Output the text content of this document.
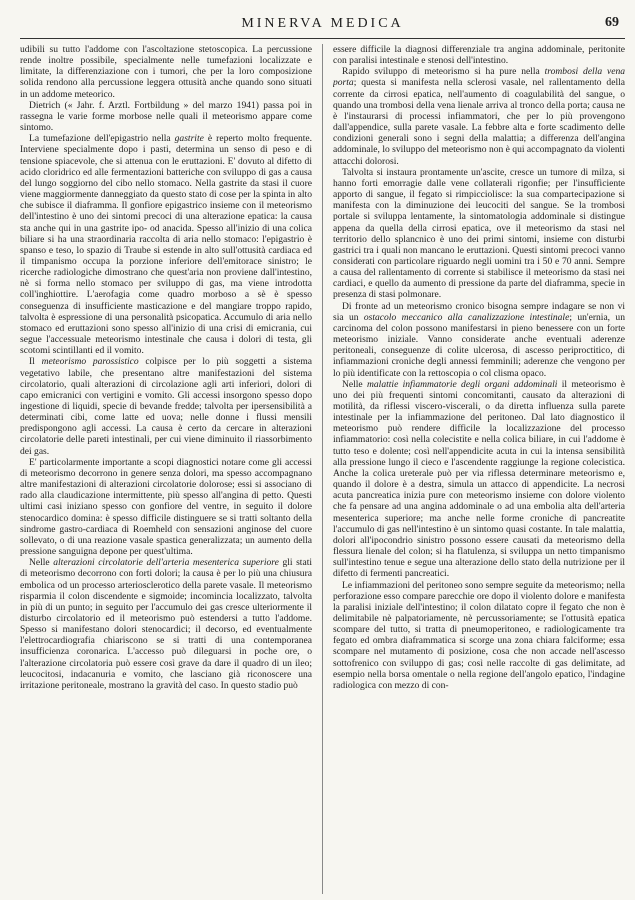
MINERVA MEDICA	69

udibili su tutto l'addome con l'ascoltazione stetoscopica. La percussione rende inoltre possibile, specialmente nelle tumefazioni localizzate e limitate, la differenziazione con i tumori, che per la loro composizione solida rendono alla percussione leggera ottusità anche quando sono situati in un addome meteorico.

Dietrich (« Jahr. f. Arztl. Fortbildung » del marzo 1941) passa poi in rassegna le varie forme morbose nelle quali il meteorismo appare come sintomo.

La tumefazione dell'epigastrio nella gastrite è reperto molto frequente. Interviene specialmente dopo i pasti, determina un senso di peso e di tensione spiacevole, che si attenua con le eruttazioni. E' dovuto al difetto di acido cloridrico ed alle fermentazioni batteriche con sviluppo di gas a causa del lungo soggiorno del cibo nello stomaco. Nella gastrite da stasi il cuore viene maggiormente danneggiato da questo stato di cose per la spinta in alto che subisce il diaframma. Il gonfiore epigastrico insieme con il meteorismo dell'intestino è uno dei sintomi precoci di una alterazione epatica: la causa sta anche qui in una gastrite ipo- od anacida. Spesso all'inizio di una colica biliare si ha una straordinaria raccolta di aria nello stomaco: l'epigastrio è spanso e teso, lo spazio di Traube si estende in alto sull'ottusità cardiaca ed il timpanismo occupa la porzione inferiore dell'emitorace sinistro; le ricerche radiologiche dimostrano che quest'aria non proviene dall'intestino, nè si forma nello stomaco per sviluppo di gas, ma viene introdotta coll'inghiottire. L'aerofagia come quadro morboso a sè è spesso conseguenza di insufficiente masticazione e del mangiare troppo rapido, talvolta è espressione di una personalità psicopatica. Accumulo di aria nello stomaco ed eruttazioni sono spesso all'inizio di una crisi di emicrania, cui segue l'accessuale meteorismo intestinale che causa i dolori di testa, gli scotomi scintillanti ed il vomito.

Il meteorismo parossistico colpisce per lo più soggetti a sistema vegetativo labile, che presentano altre manifestazioni del sistema circolatorio, quali alterazioni di circolazione agli arti inferiori, dolori di capo emicranici con vertigini e vomito. Gli accessi insorgono spesso dopo ingestione di liquidi, specie di bevande fredde; talvolta per ipersensibilità a determinati cibi, come latte ed uova; nelle donne i flussi mensili predispongono agli accessi. La causa è certo da cercare in alterazioni circolatorie delle pareti intestinali, per cui viene diminuito il riassorbimento dei gas.

E' particolarmente importante a scopi diagnostici notare come gli accessi di meteorismo decorrono in genere senza dolori, ma spesso accompagnano altre manifestazioni di alterazioni circolatorie dolorose; essi si associano di rado alla claudicazione intermittente, più spesso all'angina di petto. Questi ultimi casi iniziano spesso con gonfiore del ventre, in seguito il dolore stenocardico domina: è spesso difficile distinguere se si tratti soltanto della sindrome gastro-cardiaca di Roemheld con sensazioni anginose del cuore sollevato, o di una reazione vasale spastica generalizzata; un aumento della pressione sanguigna depone per quest'ultima.

Nelle alterazioni circolatorie dell'arteria mesenterica superiore gli stati di meteorismo decorrono con forti dolori; la causa è per lo più una chiusura embolica od un processo arteriosclerotico della parete vasale. Il meteorismo risparmia il colon discendente e sigmoide; incomincia localizzato, talvolta in più di un punto; in seguito per l'accumulo dei gas cresce ulteriormente il disturbo circolatorio ed il meteorismo può estendersi a tutto l'addome. Spesso si manifestano dolori stenocardici; il decorso, ed eventualmente l'elettrocardiografia chiariscono se si tratti di una contemporanea insufficienza coronarica. L'accesso può dileguarsi in poche ore, o l'alterazione circolatoria può essere così grave da dare il quadro di un ileo; leucocitosi, indacanuria e vomito, che lasciano già riconoscere una irritazione peritoneale, mostrano la gravità del caso. In questo stadio può

essere difficile la diagnosi differenziale tra angina addominale, peritonite con paralisi intestinale e stenosi dell'intestino.

Rapido sviluppo di meteorismo si ha pure nella trombosi della vena porta; questa si manifesta nella sclerosi vasale, nel rallentamento della corrente da cirrosi epatica, nell'aumento di coagulabilità del sangue, o quando una trombosi della vena lienale arriva al tronco della porta; causa ne è l'instaurarsi di processi infiammatori, che per lo più provengono dall'appendice, sulla parete vasale. La febbre alta e forte scadimento delle condizioni generali sono i segni della malattia; a differenza dell'angina addominale, lo sviluppo del meteorismo non è qui accompagnato da violenti attacchi dolorosi.

Talvolta si instaura prontamente un'ascite, cresce un tumore di milza, si hanno forti emorragie dalle vene collaterali rigonfie; per l'insufficiente apporto di sangue, il fegato si rimpicciolisce: la sua compartecipazione si manifesta con la diminuzione dei leucociti del sangue. Se la trombosi portale si sviluppa lentamente, la sintomatologia addominale si distingue appena da quella della cirrosi epatica, ove il meteorismo da stasi nel territorio dello splancnico è uno dei primi sintomi, insieme con disturbi gastrici tra i quali non mancano le eruttazioni. Questi sintomi precoci vanno considerati con particolare riguardo negli uomini tra i 50 e 70 anni. Sempre a causa del rallentamento di corrente si stabilisce il meteorismo da stasi nei cardiaci, e quello da aumento di pressione da parte del diaframma, specie in presenza di stasi polmonare.

Di fronte ad un meteorismo cronico bisogna sempre indagare se non vi sia un ostacolo meccanico alla canalizzazione intestinale; un'ernia, un carcinoma del colon possono manifestarsi in pieno benessere con un forte meteorismo iniziale. Vanno considerate anche eventuali aderenze peritoneali, conseguenze di colite ulcerosa, di ascesso periproctitico, di infiammazioni croniche degli annessi femminili; aderenze che vengono per lo più identificate con la rettoscopia o col clisma opaco.

Nelle malattie infiammatorie degli organi addominali il meteorismo è uno dei più frequenti sintomi concomitanti, causato da alterazioni di motilità, da riflessi viscero-viscerali, o da diretta influenza sulla parete intestinale per la infiammazione del peritoneo. Dal lato diagnostico il meteorismo può rendere difficile la localizzazione del processo infiammatorio: così nella colecistite e nella colica biliare, in cui l'addome è tutto teso e dolente; così nell'appendicite acuta in cui la intensa sensibilità alla pressione lungo il cieco e l'ascendente raggiunge la regione colecistica. Anche la colica ureterale può per via riflessa determinare meteorismo e, quando il dolore è a destra, simula un attacco di appendicite. La necrosi acuta pancreatica inizia pure con meteorismo insieme con dolore violento che fa pensare ad una angina addominale o ad una embolia alta dell'arteria mesenterica superiore; ma anche nelle forme croniche di pancreatite l'accumulo di gas nell'intestino è un sintomo quasi costante. In tale malattia, dolori all'ipocondrio sinistro possono essere causati da meteorismo della flessura lienale del colon; si ha flatulenza, si sviluppa un netto timpanismo sull'intestino tenue e segue una alterazione dello stato della nutrizione per il difetto di fermenti pancreatici.

Le infiammazioni del peritoneo sono sempre seguite da meteorismo; nella perforazione esso compare parecchie ore dopo il violento dolore e manifesta la paralisi iniziale dell'intestino; il colon dilatato copre il fegato che non è delimitabile nè palpatoriamente, nè percussoriamente; se l'ottusità epatica scompare del tutto, si tratta di pneumoperitoneo, e radiologicamente tra fegato ed ombra diaframmatica si scorge una zona chiara falciforme; essa scompare nel mutamento di posizione, cosa che non accade nell'ascesso sottofrenico con sviluppo di gas; così nelle raccolte di gas delimitate, ad esempio nella borsa omentale o nella regione dell'angolo epatico, l'indagine radiologica con mezzo di con-
